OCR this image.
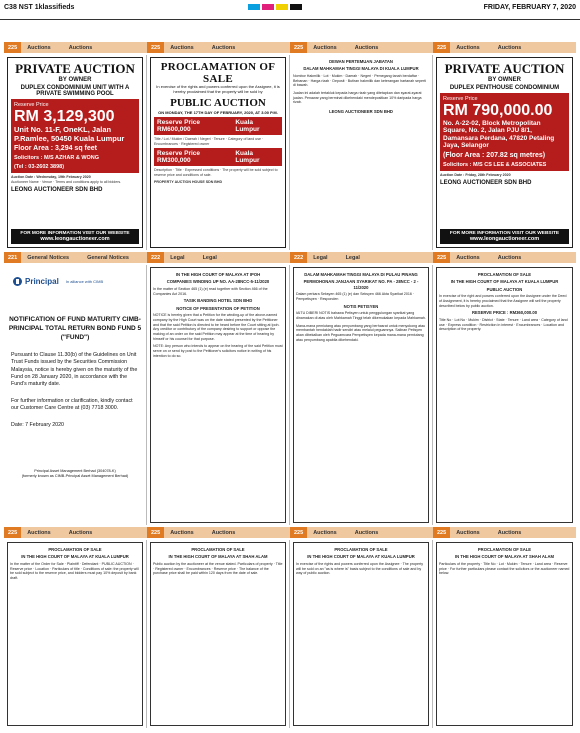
C38 NST 1klassifieds	FRIDAY, FEBRUARY 7, 2020
225	Auctions	Auctions	225	Auctions	Auctions	225	Auctions	Auctions	225	Auctions	Auctions
PRIVATE AUCTION
BY OWNER
DUPLEX CONDOMINIUM UNIT WITH A PRIVATE SWIMMING POOL
Reserve Price
RM 3,129,300
Unit No. 11-F, OneKL, Jalan P.Ramlee, 50450 Kuala Lumpur
Floor Area : 3,294 sq feet
Solicitors : M/S AZHAR & WONG
(Tel : 03-2602 3898)
Auction Date : Wednesday, 19th February 2020
Auctioneer Name · Venue · Terms and conditions apply to all bidders.
LEONG AUCTIONEER SDN BHD
FOR MORE INFORMATION VISIT OUR WEBSITE
www.leongauctioneer.com
PROCLAMATION OF SALE
In exercise of the rights and powers conferred upon the Assignee, it is hereby proclaimed that the property will be sold by
PUBLIC AUCTION
ON MONDAY, THE 17TH DAY OF FEBRUARY, 2020, AT 3.00 P.M.
Reserve Price RM600,000
Kuala Lumpur
Title / Lot / Mukim / Daerah / Negeri · Tenure · Category of land use · Encumbrances · Registered owner
Reserve Price RM300,000
Kuala Lumpur
Description · Title · Expressed conditions · The property will be sold subject to reserve price and conditions of sale.
PROPERTY AUCTION HOUSE SDN BHD
DEWAN PERTEMUAN JABATAN
DALAM MAHKAMAH TINGGI MALAYA DI KUALA LUMPUR
Nombor Hakmilik · Lot · Mukim · Daerah · Negeri · Pemegang tanah berdaftar · Bebanan · Harga rizab · Deposit · Butiran hakmilik dan keterangan hartanah seperti di bawah.
Jualan ini adalah tertakluk kepada harga rizab yang ditetapkan dan syarat-syarat jualan. Penawar yang berminat dikehendaki mendepositkan 10% daripada harga rizab.
LEONG AUCTIONEER SDN BHD
PRIVATE AUCTION
BY OWNER
DUPLEX PENTHOUSE CONDOMINIUM
Reserve Price
RM 790,000.00
No. A-22-02, Block Metropolitan Square, No. 2, Jalan PJU 8/1, Damansara Perdana, 47820 Petaling Jaya, Selangor
(Floor Area : 207.82 sq metres)
Solicitors : M/S CS LEE & ASSOCIATES
Auction Date : Friday, 28th February 2020
LEONG AUCTIONEER SDN BHD
FOR MORE INFORMATION VISIT OUR WEBSITE
www.leongauctioneer.com
221	General Notices	General Notices	222	Legal	Legal	222	Legal	Legal	225	Auctions	Auctions
Principal In alliance with CIMB
NOTIFICATION OF FUND MATURITY CIMB-PRINCIPAL TOTAL RETURN BOND FUND 5 ("FUND")
Pursuant to Clause 11.30(b) of the Guidelines on Unit Trust Funds issued by the Securities Commission Malaysia, notice is hereby given on the maturity of the Fund on 28 January 2020, in accordance with the Fund's maturity date.
For further information or clarification, kindly contact our Customer Care Centre at (03) 7718 3000.
Date: 7 February 2020
Principal Asset Management Berhad (304078-K)
(formerly known as CIMB-Principal Asset Management Berhad)
IN THE HIGH COURT OF MALAYA AT IPOH
COMPANIES WINDING UP NO. AA-28NCC-5-11/2020
In the matter of Section 465 (1) (e) read together with Section 466 of the Companies Act 2016.
TASIK BANDING HOTEL SDN BHD
NOTICE OF PRESENTATION OF PETITION
NOTICE is hereby given that a Petition for the winding-up of the above-named company by the High Court was on the date stated presented by the Petitioner and that the said Petition is directed to be heard before the Court sitting at Ipoh. Any creditor or contributory of the company desiring to support or oppose the making of an order on the said Petition may appear at the time of hearing by himself or his counsel for that purpose.
NOTE: Any person who intends to appear on the hearing of the said Petition must serve on or send by post to the Petitioner's solicitors notice in writing of his intention to do so.
DALAM MAHKAMAH TINGGI MALAYA DI PULAU PINANG
PERMOHONAN JANJAAN SYARIKAT NO. PA - 28NCC - 2 - 11/2020
Dalam perkara Seksyen 465 (1) (e) dan Seksyen 466 Akta Syarikat 2016 · Pempetisyen · Responden
NOTIS PETISYEN
IAITU DIBERI NOTIS bahawa Petisyen untuk penggulungan syarikat yang dinamakan di atas oleh Mahkamah Tinggi telah dikemukakan kepada Mahkamah.
Mana-mana pemiutang atau penyumbang yang berhasrat untuk menyokong atau membantah hendaklah hadir sendiri atau melalui peguamnya. Salinan Petisyen akan dibekalkan oleh Peguamcara Pempetisyen kepada mana-mana pemiutang atau penyumbang apabila dikehendaki.
PROCLAMATION OF SALE
IN THE HIGH COURT OF MALAYA AT KUALA LUMPUR
PUBLIC AUCTION
In exercise of the right and powers conferred upon the Assignee under the Deed of Assignment, it is hereby proclaimed that the Assignee will sell the property described below by public auction.
RESERVE PRICE : RM360,000.00
Title No · Lot No · Mukim · District · State · Tenure · Land area · Category of land use · Express condition · Restriction in interest · Encumbrances · Location and description of the property.
225	Auctions	Auctions	225	Auctions	Auctions	225	Auctions	Auctions	225	Auctions	Auctions
PROCLAMATION OF SALE
IN THE HIGH COURT OF MALAYA AT KUALA LUMPUR
In the matter of the Order for Sale · Plaintiff · Defendant · PUBLIC AUCTION · Reserve price · Location · Particulars of title · Conditions of sale: the property will be sold subject to the reserve price, and bidders must pay 10% deposit by bank draft.
PROCLAMATION OF SALE
IN THE HIGH COURT OF MALAYA AT SHAH ALAM
Public auction by the auctioneer at the venue stated. Particulars of property · Title · Registered owner · Encumbrances · Reserve price · The balance of the purchase price shall be paid within 120 days from the date of sale.
PROCLAMATION OF SALE
IN THE HIGH COURT OF MALAYA AT KUALA LUMPUR
In exercise of the rights and powers conferred upon the Assignee · The property will be sold on an "as is where is" basis subject to the conditions of sale and by way of public auction.
PROCLAMATION OF SALE
IN THE HIGH COURT OF MALAYA AT SHAH ALAM
Particulars of the property · Title No · Lot · Mukim · Tenure · Land area · Reserve price · For further particulars please contact the solicitors or the auctioneer named below.
